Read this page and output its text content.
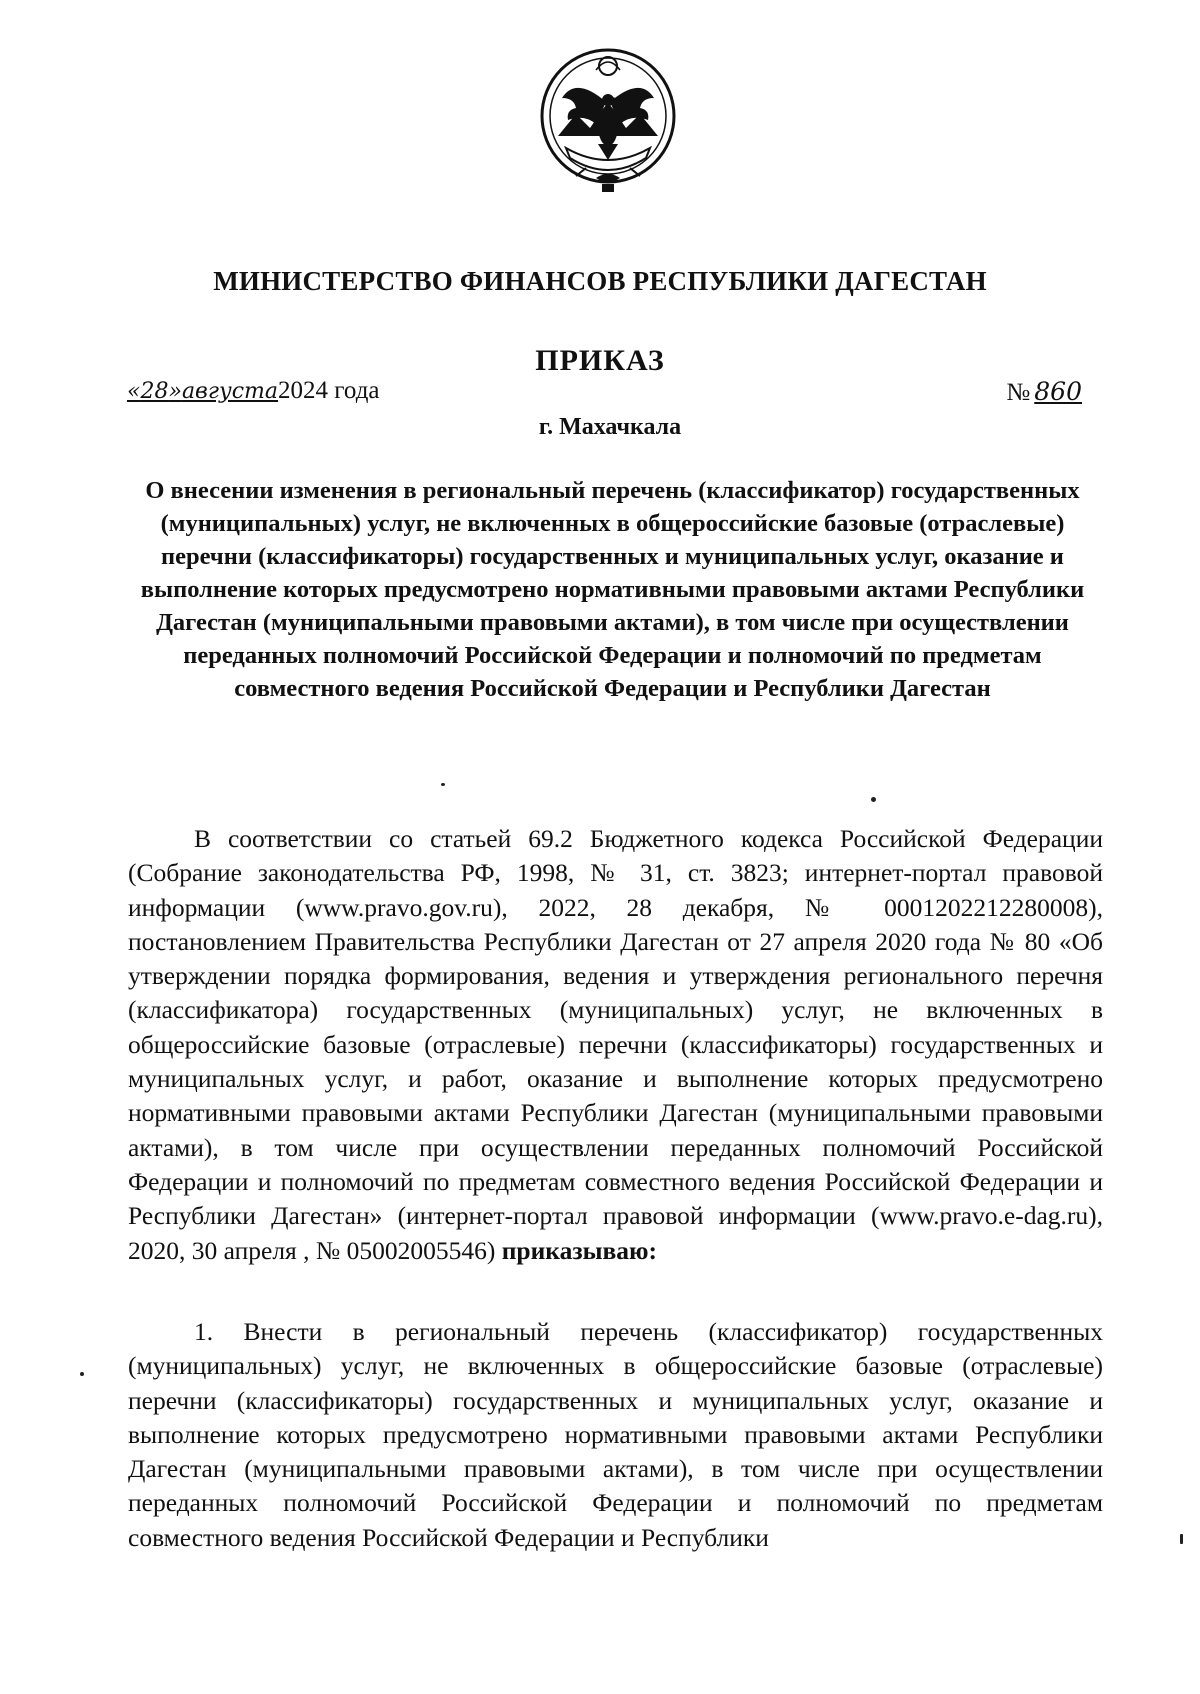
МИНИСТЕРСТВО ФИНАНСОВ РЕСПУБЛИКИ ДАГЕСТАН
ПРИКАЗ
«28»августа2024 года	№ 860
г. Махачкала
О внесении изменения в региональный перечень (классификатор) государственных (муниципальных) услуг, не включенных в общероссийские базовые (отраслевые) перечни (классификаторы) государственных и муниципальных услуг, оказание и выполнение которых предусмотрено нормативными правовыми актами Республики Дагестан (муниципальными правовыми актами), в том числе при осуществлении переданных полномочий Российской Федерации и полномочий по предметам совместного ведения Российской Федерации и Республики Дагестан

В соответствии со статьей 69.2 Бюджетного кодекса Российской Федерации (Собрание законодательства РФ, 1998, № 31, ст. 3823; интернет-портал правовой информации (www.pravo.gov.ru), 2022, 28 декабря, № 0001202212280008), постановлением Правительства Республики Дагестан от 27 апреля 2020 года № 80 «Об утверждении порядка формирования, ведения и утверждения регионального перечня (классификатора) государственных (муниципальных) услуг, не включенных в общероссийские базовые (отраслевые) перечни (классификаторы) государственных и муниципальных услуг, и работ, оказание и выполнение которых предусмотрено нормативными правовыми актами Республики Дагестан (муниципальными правовыми актами), в том числе при осуществлении переданных полномочий Российской Федерации и полномочий по предметам совместного ведения Российской Федерации и Республики Дагестан» (интернет-портал правовой информации (www.pravo.e-dag.ru), 2020, 30 апреля , № 05002005546) приказываю:

1. Внести в региональный перечень (классификатор) государственных (муниципальных) услуг, не включенных в общероссийские базовые (отраслевые) перечни (классификаторы) государственных и муниципальных услуг, оказание и выполнение которых предусмотрено нормативными правовыми актами Республики Дагестан (муниципальными правовыми актами), в том числе при осуществлении переданных полномочий Российской Федерации и полномочий по предметам совместного ведения Российской Федерации и Республики
